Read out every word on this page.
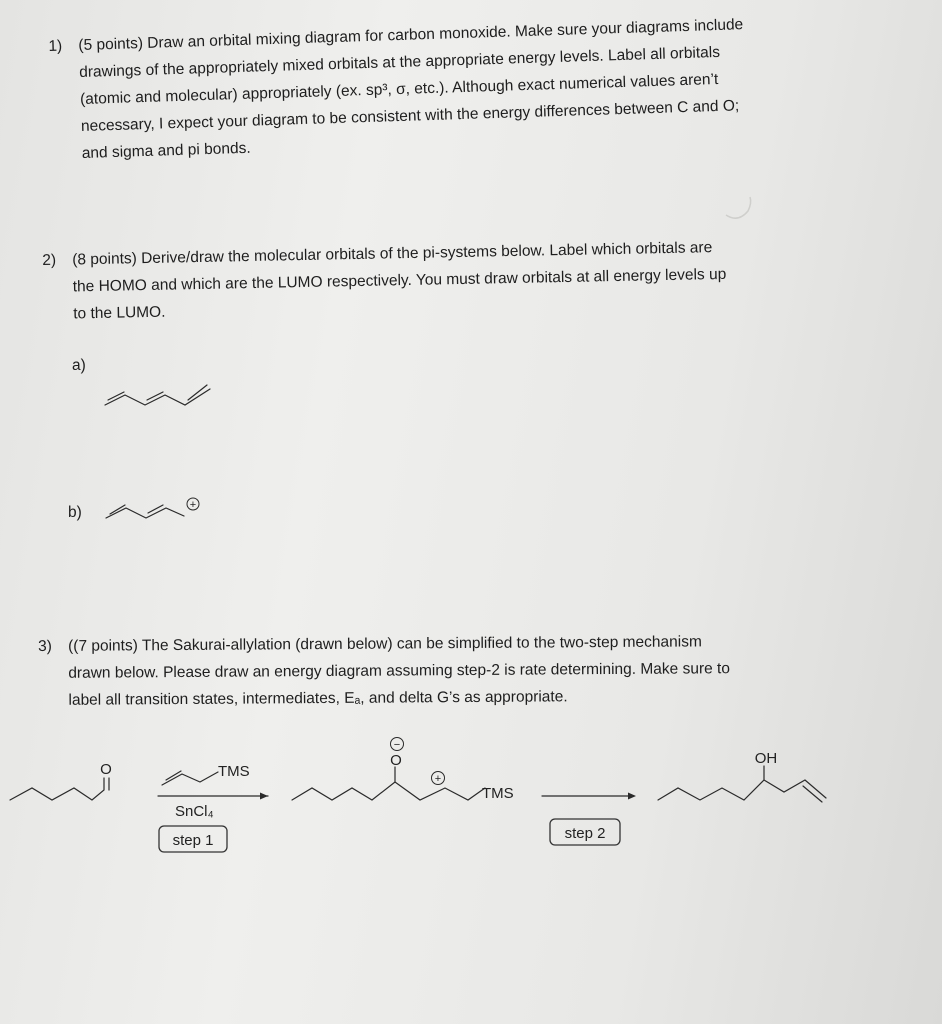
1) (5 points) Draw an orbital mixing diagram for carbon monoxide. Make sure your diagrams include
drawings of the appropriately mixed orbitals at the appropriate energy levels. Label all orbitals
(atomic and molecular) appropriately (ex. sp³, σ, etc.). Although exact numerical values aren’t
necessary, I expect your diagram to be consistent with the energy differences between C and O;
and sigma and pi bonds.
2) (8 points) Derive/draw the molecular orbitals of the pi-systems below. Label which orbitals are
the HOMO and which are the LUMO respectively. You must draw orbitals at all energy levels up
to the LUMO.
a)
b)	+
3) ((7 points) The Sakurai-allylation (drawn below) can be simplified to the two-step mechanism
drawn below. Please draw an energy diagram assuming step-2 is rate determining. Make sure to
label all transition states, intermediates, Eₐ, and delta G’s as appropriate.
O	TMS
SnCl₄
step 1
−
O
+
TMS
step 2
OH
